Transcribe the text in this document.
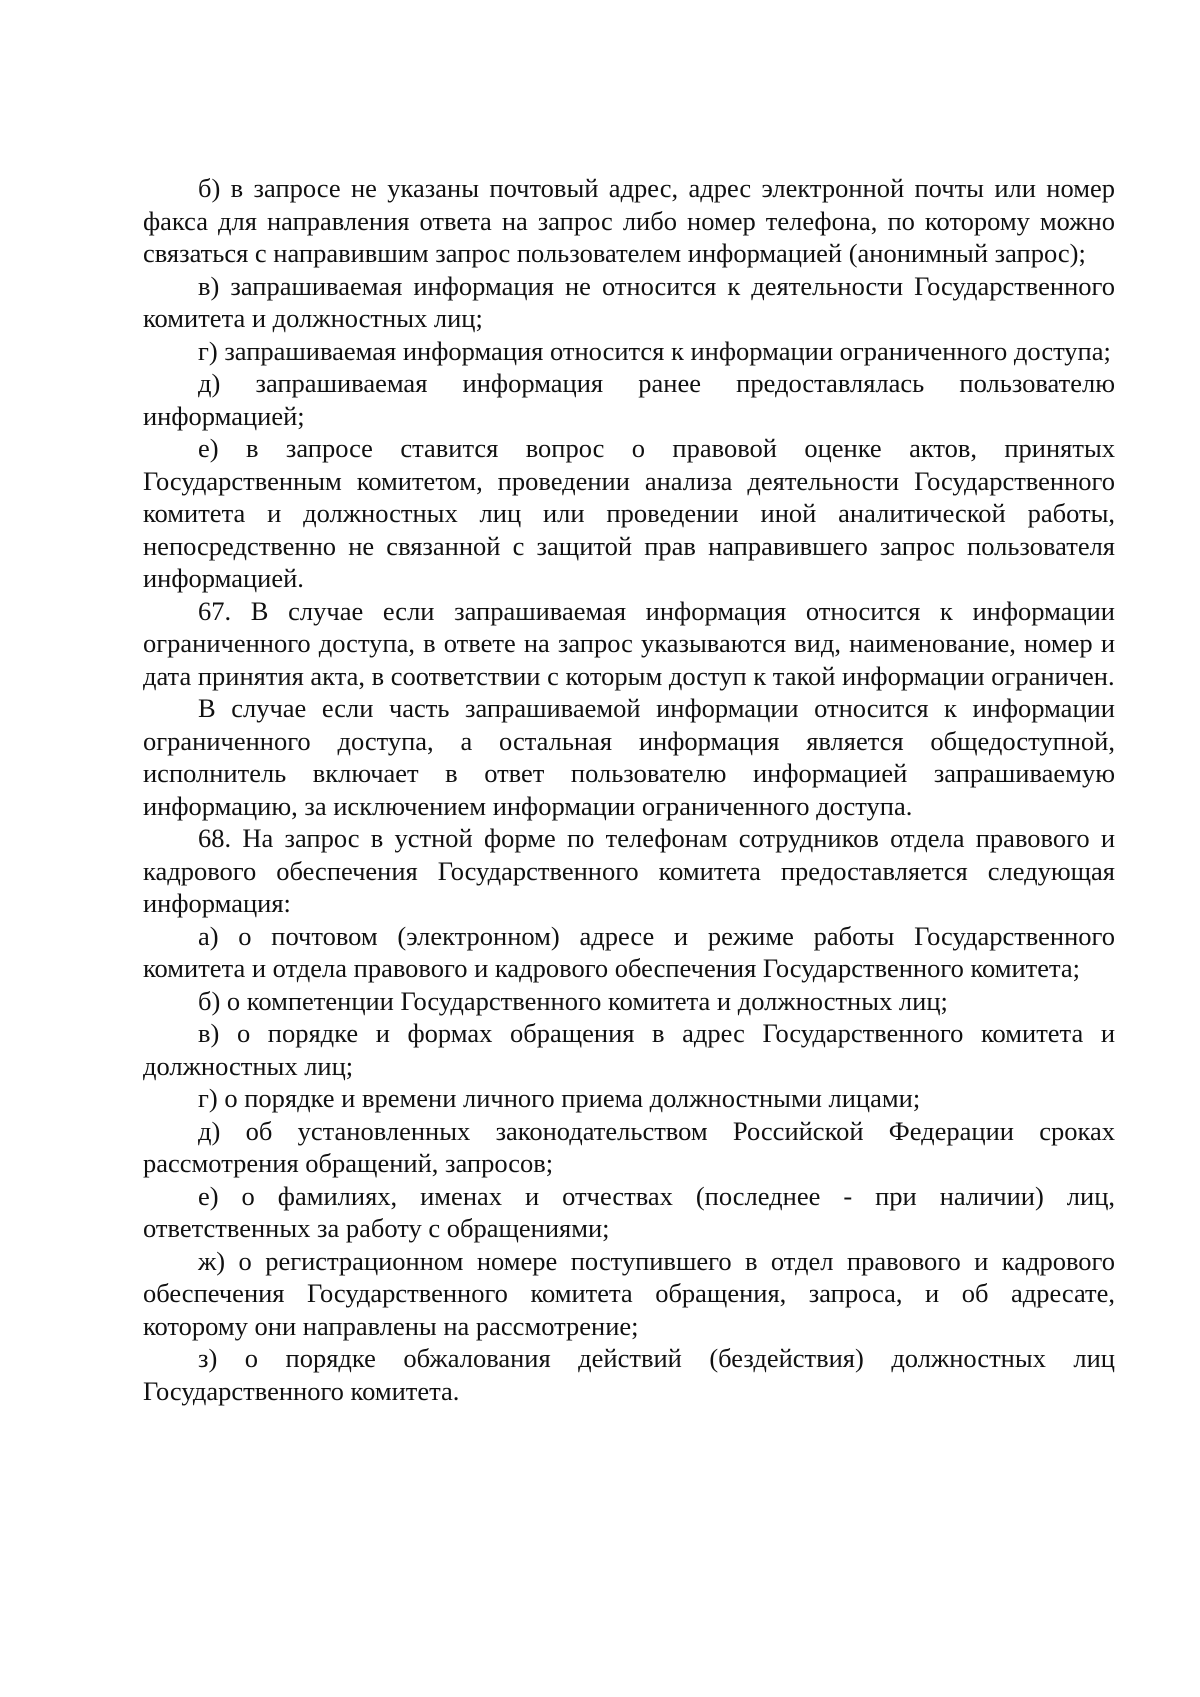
б) в запросе не указаны почтовый адрес, адрес электронной почты или номер факса для направления ответа на запрос либо номер телефона, по которому можно связаться с направившим запрос пользователем информацией (анонимный запрос);

в) запрашиваемая информация не относится к деятельности Государственного комитета и должностных лиц;

г) запрашиваемая информация относится к информации ограниченного доступа;

д) запрашиваемая информация ранее предоставлялась пользователю информацией;

е) в запросе ставится вопрос о правовой оценке актов, принятых Государственным комитетом, проведении анализа деятельности Государственного комитета и должностных лиц или проведении иной аналитической работы, непосредственно не связанной с защитой прав направившего запрос пользователя информацией.

67. В случае если запрашиваемая информация относится к информации ограниченного доступа, в ответе на запрос указываются вид, наименование, номер и дата принятия акта, в соответствии с которым доступ к такой информации ограничен.

В случае если часть запрашиваемой информации относится к информации ограниченного доступа, а остальная информация является общедоступной, исполнитель включает в ответ пользователю информацией запрашиваемую информацию, за исключением информации ограниченного доступа.

68. На запрос в устной форме по телефонам сотрудников отдела правового и кадрового обеспечения Государственного комитета предоставляется следующая информация:

а) о почтовом (электронном) адресе и режиме работы Государственного комитета и отдела правового и кадрового обеспечения Государственного комитета;

б) о компетенции Государственного комитета и должностных лиц;

в) о порядке и формах обращения в адрес Государственного комитета и должностных лиц;

г) о порядке и времени личного приема должностными лицами;

д) об установленных законодательством Российской Федерации сроках рассмотрения обращений, запросов;

е) о фамилиях, именах и отчествах (последнее - при наличии) лиц, ответственных за работу с обращениями;

ж) о регистрационном номере поступившего в отдел правового и кадрового обеспечения Государственного комитета обращения, запроса, и об адресате, которому они направлены на рассмотрение;

з) о порядке обжалования действий (бездействия) должностных лиц Государственного комитета.
